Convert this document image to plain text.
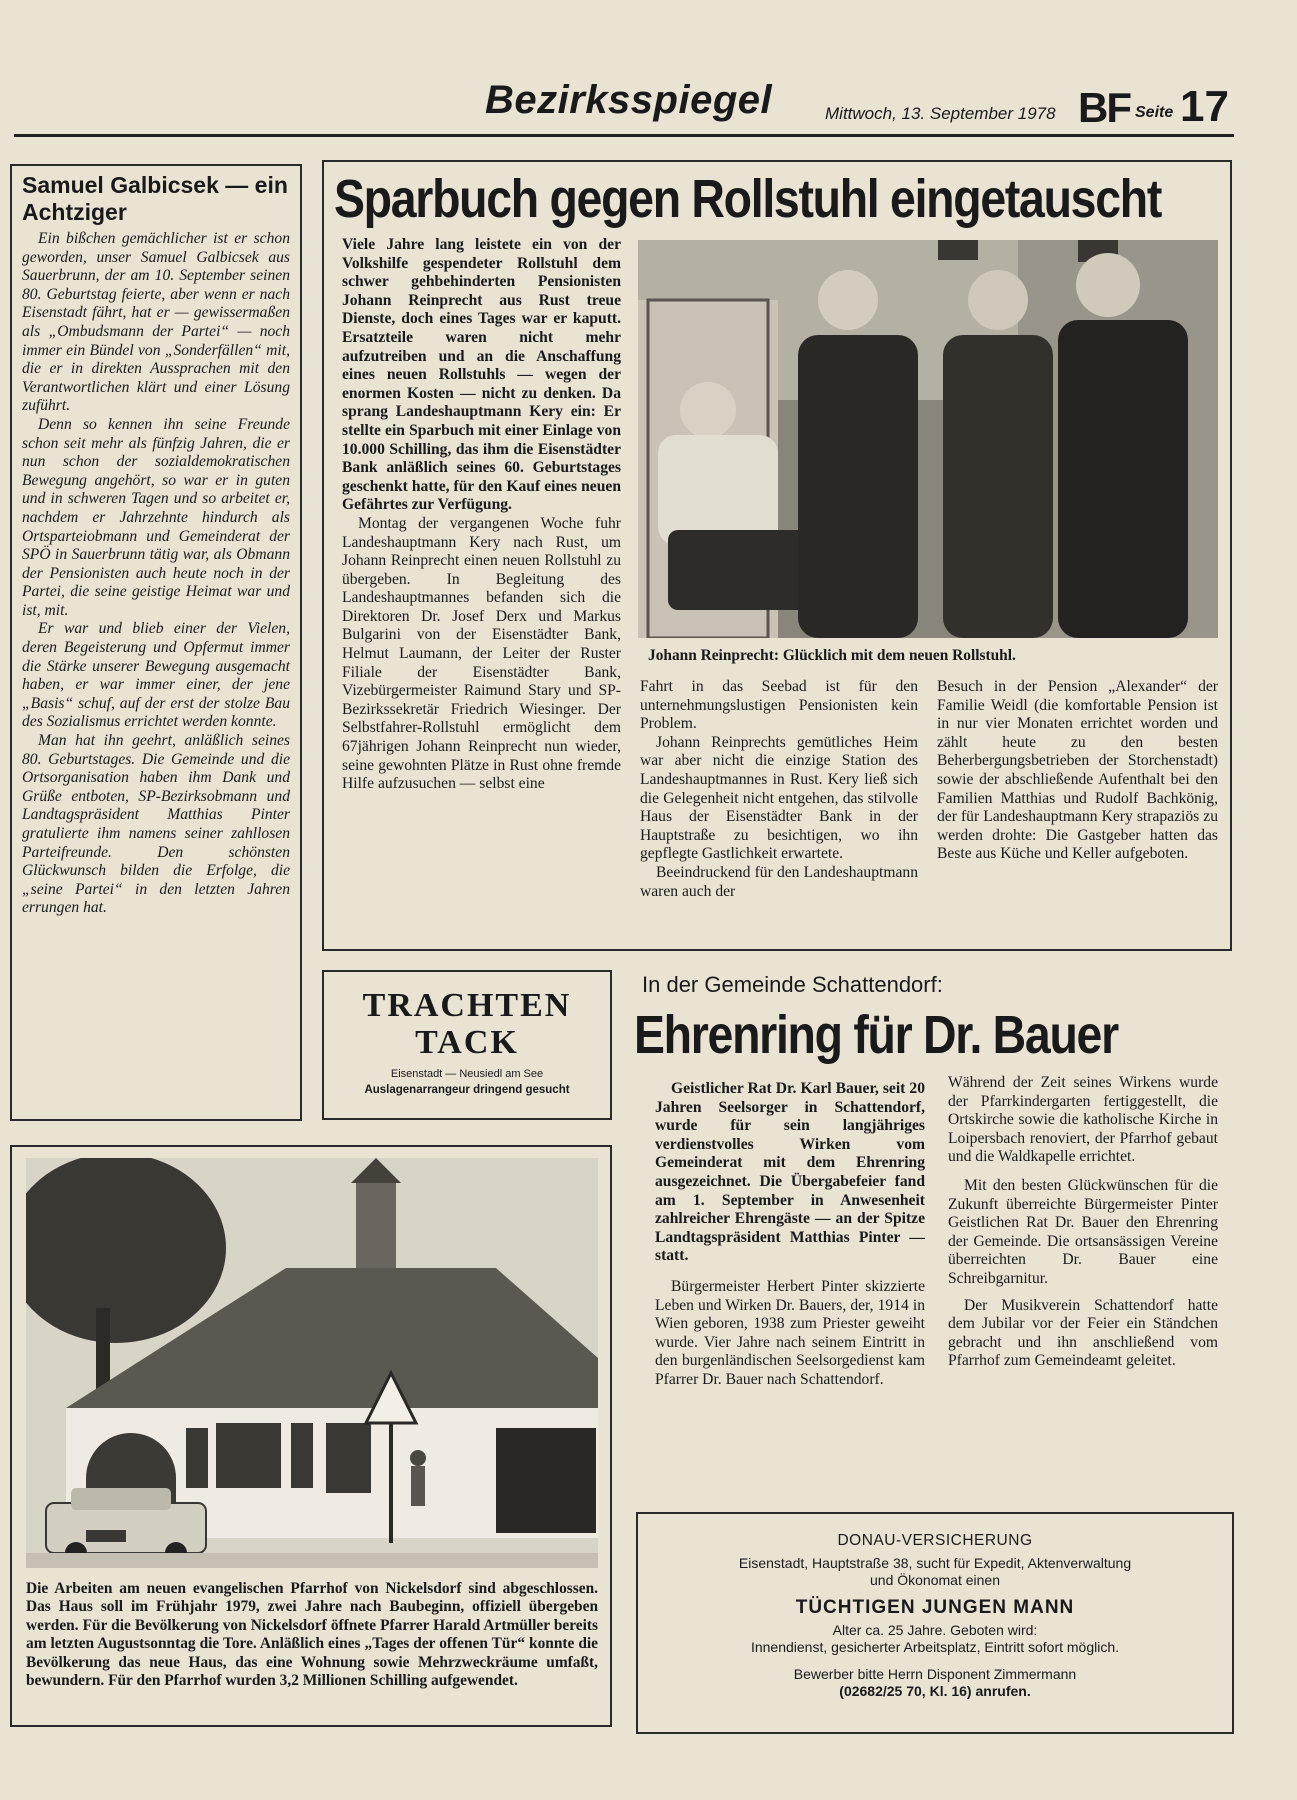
Bezirksspiegel	Mittwoch, 13. September 1978 BF Seite 17
Samuel Galbicsek — ein Achtziger

Ein bißchen gemächlicher ist er schon geworden, unser Samuel Galbicsek aus Sauerbrunn, der am 10. September seinen 80. Geburtstag feierte, aber wenn er nach Eisenstadt fährt, hat er — gewissermaßen als „Ombudsmann der Partei“ — noch immer ein Bündel von „Sonderfällen“ mit, die er in direkten Aussprachen mit den Verantwortlichen klärt und einer Lösung zuführt.

Denn so kennen ihn seine Freunde schon seit mehr als fünfzig Jahren, die er nun schon der sozialdemokratischen Bewegung angehört, so war er in guten und in schweren Tagen und so arbeitet er, nachdem er Jahrzehnte hindurch als Ortsparteiobmann und Gemeinderat der SPÖ in Sauerbrunn tätig war, als Obmann der Pensionisten auch heute noch in der Partei, die seine geistige Heimat war und ist, mit.

Er war und blieb einer der Vielen, deren Begeisterung und Opfermut immer die Stärke unserer Bewegung ausgemacht haben, er war immer einer, der jene „Basis“ schuf, auf der erst der stolze Bau des Sozialismus errichtet werden konnte.

Man hat ihn geehrt, anläßlich seines 80. Geburtstages. Die Gemeinde und die Ortsorganisation haben ihm Dank und Grüße entboten, SP-Bezirksobmann und Landtagspräsident Matthias Pinter gratulierte ihm namens seiner zahllosen Parteifreunde. Den schönsten Glückwunsch bilden die Erfolge, die „seine Partei“ in den letzten Jahren errungen hat.

Sparbuch gegen Rollstuhl eingetauscht

Viele Jahre lang leistete ein von der Volkshilfe gespendeter Rollstuhl dem schwer gehbehinderten Pensionisten Johann Reinprecht aus Rust treue Dienste, doch eines Tages war er kaputt. Ersatzteile waren nicht mehr aufzutreiben und an die Anschaffung eines neuen Rollstuhls — wegen der enormen Kosten — nicht zu denken. Da sprang Landeshauptmann Kery ein: Er stellte ein Sparbuch mit einer Einlage von 10.000 Schilling, das ihm die Eisenstädter Bank anläßlich seines 60. Geburtstages geschenkt hatte, für den Kauf eines neuen Gefährtes zur Verfügung.

Montag der vergangenen Woche fuhr Landeshauptmann Kery nach Rust, um Johann Reinprecht einen neuen Rollstuhl zu übergeben. In Begleitung des Landeshauptmannes befanden sich die Direktoren Dr. Josef Derx und Markus Bulgarini von der Eisenstädter Bank, Helmut Laumann, der Leiter der Ruster Filiale der Eisenstädter Bank, Vizebürgermeister Raimund Stary und SP-Bezirkssekretär Friedrich Wiesinger. Der Selbstfahrer-Rollstuhl ermöglicht dem 67jährigen Johann Reinprecht nun wieder, seine gewohnten Plätze in Rust ohne fremde Hilfe aufzusuchen — selbst eine

Johann Reinprecht: Glücklich mit dem neuen Rollstuhl.

Fahrt in das Seebad ist für den unternehmungslustigen Pensionisten kein Problem.

Johann Reinprechts gemütliches Heim war aber nicht die einzige Station des Landeshauptmannes in Rust. Kery ließ sich die Gelegenheit nicht entgehen, das stilvolle Haus der Eisenstädter Bank in der Hauptstraße zu besichtigen, wo ihn gepflegte Gastlichkeit erwartete.

Beeindruckend für den Landeshauptmann waren auch der

Besuch in der Pension „Alexander“ der Familie Weidl (die komfortable Pension ist in nur vier Monaten errichtet worden und zählt heute zu den besten Beherbergungsbetrieben der Storchenstadt) sowie der abschließende Aufenthalt bei den Familien Matthias und Rudolf Bachkönig, der für Landeshauptmann Kery strapaziös zu werden drohte: Die Gastgeber hatten das Beste aus Küche und Keller aufgeboten.

TRACHTEN
TACK
Eisenstadt — Neusiedl am See
Auslagenarrangeur dringend gesucht
Die Arbeiten am neuen evangelischen Pfarrhof von Nickelsdorf sind abgeschlossen. Das Haus soll im Frühjahr 1979, zwei Jahre nach Baubeginn, offiziell übergeben werden. Für die Bevölkerung von Nickelsdorf öffnete Pfarrer Harald Artmüller bereits am letzten Augustsonntag die Tore. Anläßlich eines „Tages der offenen Tür“ konnte die Bevölkerung das neue Haus, das eine Wohnung sowie Mehrzweckräume umfaßt, bewundern. Für den Pfarrhof wurden 3,2 Millionen Schilling aufgewendet.
In der Gemeinde Schattendorf:
Ehrenring für Dr. Bauer

Geistlicher Rat Dr. Karl Bauer, seit 20 Jahren Seelsorger in Schattendorf, wurde für sein langjähriges verdienstvolles Wirken vom Gemeinderat mit dem Ehrenring ausgezeichnet. Die Übergabefeier fand am 1. September in Anwesenheit zahlreicher Ehrengäste — an der Spitze Landtagspräsident Matthias Pinter — statt.

Bürgermeister Herbert Pinter skizzierte Leben und Wirken Dr. Bauers, der, 1914 in Wien geboren, 1938 zum Priester geweiht wurde. Vier Jahre nach seinem Eintritt in den burgenländischen Seelsorgedienst kam Pfarrer Dr. Bauer nach Schattendorf.

Während der Zeit seines Wirkens wurde der Pfarrkindergarten fertiggestellt, die Ortskirche sowie die katholische Kirche in Loipersbach renoviert, der Pfarrhof gebaut und die Waldkapelle errichtet.

Mit den besten Glückwünschen für die Zukunft überreichte Bürgermeister Pinter Geistlichen Rat Dr. Bauer den Ehrenring der Gemeinde. Die ortsansässigen Vereine überreichten Dr. Bauer eine Schreibgarnitur.

Der Musikverein Schattendorf hatte dem Jubilar vor der Feier ein Ständchen gebracht und ihn anschließend vom Pfarrhof zum Gemeindeamt geleitet.

DONAU-VERSICHERUNG
Eisenstadt, Hauptstraße 38, sucht für Expedit, Aktenverwaltung
und Ökonomat einen
TÜCHTIGEN JUNGEN MANN
Alter ca. 25 Jahre. Geboten wird:
Innendienst, gesicherter Arbeitsplatz, Eintritt sofort möglich.
Bewerber bitte Herrn Disponent Zimmermann
(02682/25 70, Kl. 16) anrufen.
